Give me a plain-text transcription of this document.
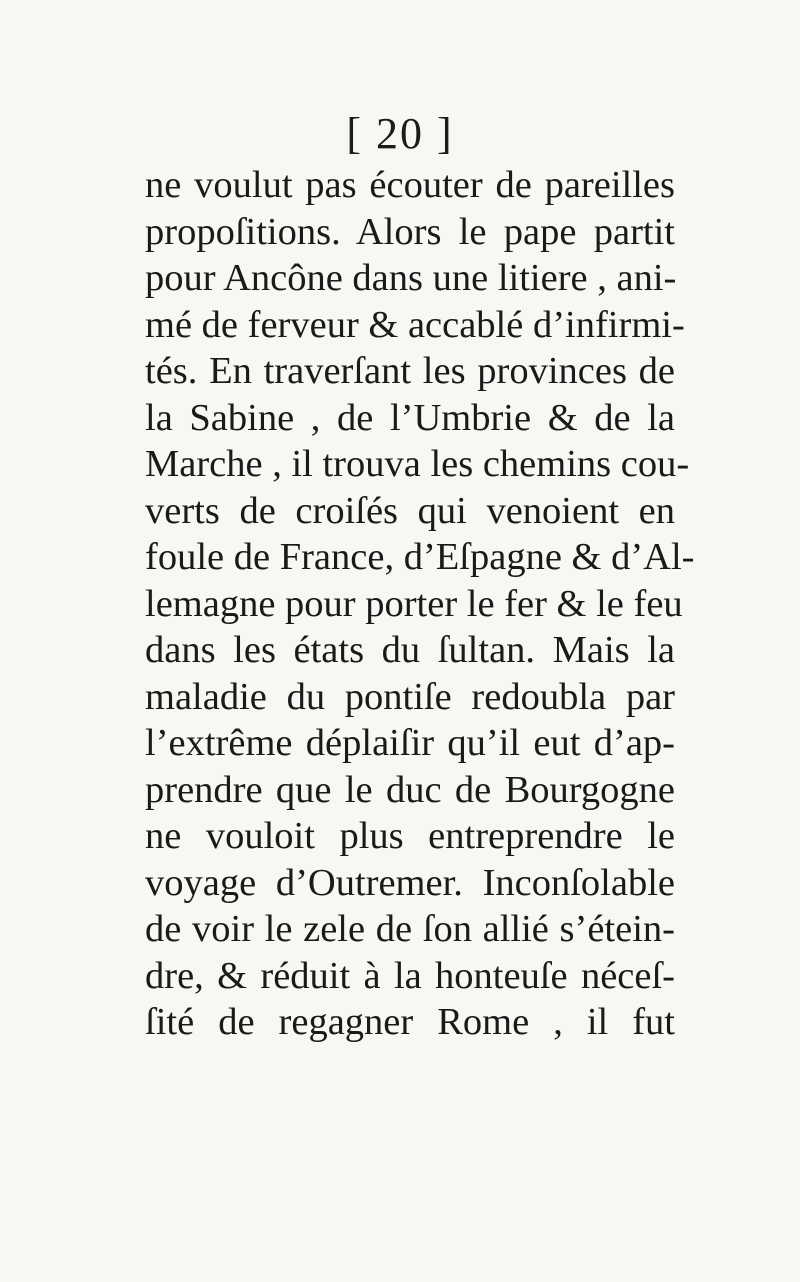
[ 20 ]
ne voulut pas écouter de pareilles
propoſitions. Alors le pape partit
pour Ancône dans une litiere , ani-
mé de ferveur & accablé d’infirmi-
tés. En traverſant les provinces de
la Sabine , de l’Umbrie & de la
Marche , il trouva les chemins cou-
verts de croiſés qui venoient en
foule de France, d’Eſpagne & d’Al-
lemagne pour porter le fer & le feu
dans les états du ſultan. Mais la
maladie du pontiſe redoubla par
l’extrême déplaiſir qu’il eut d’ap-
prendre que le duc de Bourgogne
ne vouloit plus entreprendre le
voyage d’Outremer. Inconſolable
de voir le zele de ſon allié s’étein-
dre, & réduit à la honteuſe néceſ-
ſité de regagner Rome , il fut
